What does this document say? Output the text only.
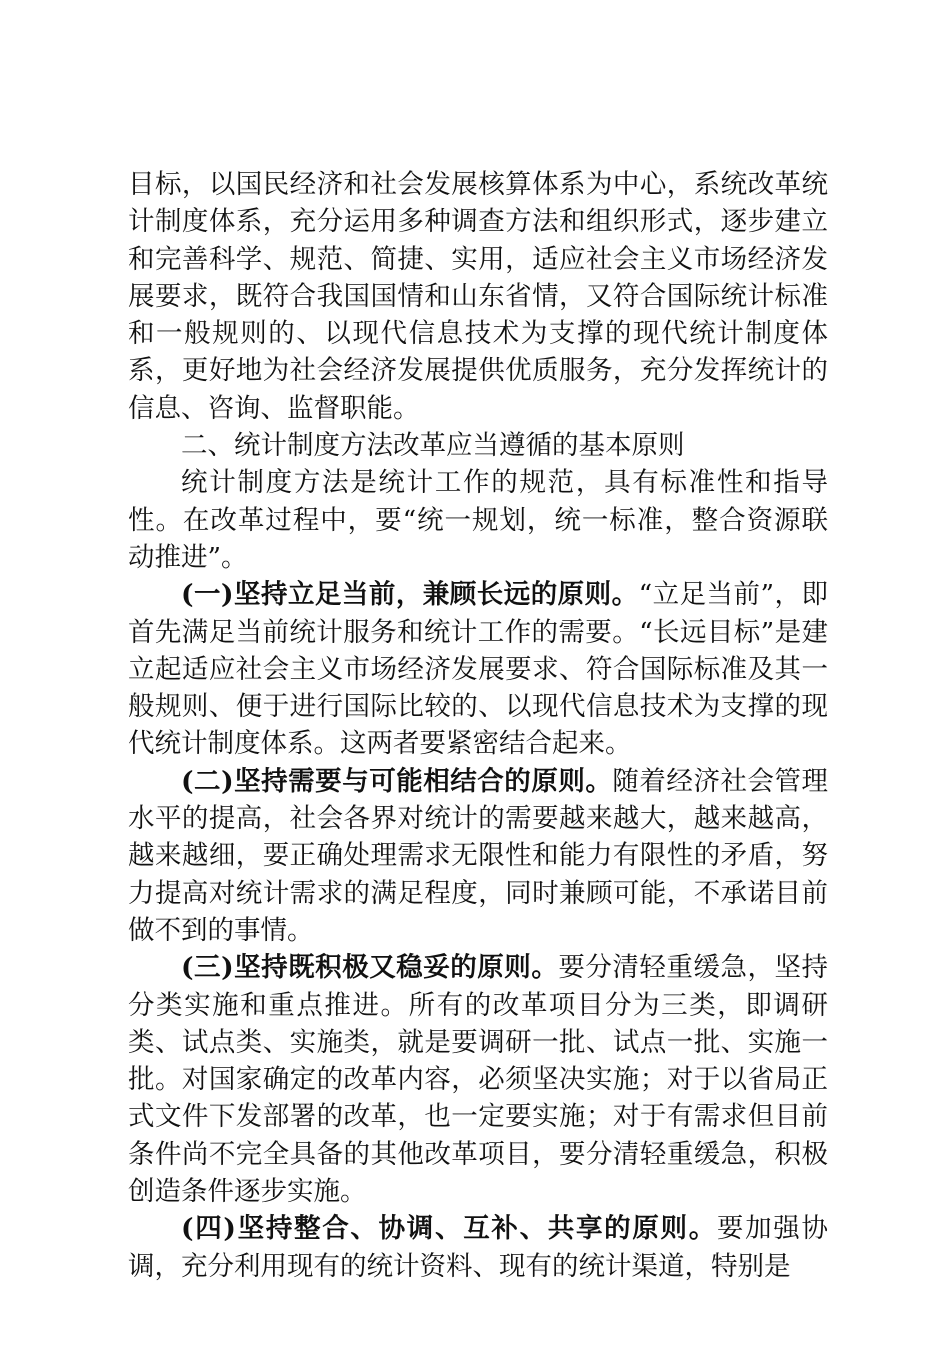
目标，以国民经济和社会发展核算体系为中心，系统改革统计制度体系，充分运用多种调查方法和组织形式，逐步建立和完善科学、规范、简捷、实用，适应社会主义市场经济发展要求，既符合我国国情和山东省情，又符合国际统计标准和一般规则的、以现代信息技术为支撑的现代统计制度体系，更好地为社会经济发展提供优质服务，充分发挥统计的信息、咨询、监督职能。

二、统计制度方法改革应当遵循的基本原则

统计制度方法是统计工作的规范，具有标准性和指导性。在改革过程中，要“统一规划，统一标准，整合资源联动推进”。

(一)坚持立足当前，兼顾长远的原则。“立足当前”，即首先满足当前统计服务和统计工作的需要。“长远目标”是建立起适应社会主义市场经济发展要求、符合国际标准及其一般规则、便于进行国际比较的、以现代信息技术为支撑的现代统计制度体系。这两者要紧密结合起来。

(二)坚持需要与可能相结合的原则。随着经济社会管理水平的提高，社会各界对统计的需要越来越大，越来越高，越来越细，要正确处理需求无限性和能力有限性的矛盾，努力提高对统计需求的满足程度，同时兼顾可能，不承诺目前做不到的事情。

(三)坚持既积极又稳妥的原则。要分清轻重缓急，坚持分类实施和重点推进。所有的改革项目分为三类，即调研类、试点类、实施类，就是要调研一批、试点一批、实施一批。对国家确定的改革内容，必须坚决实施；对于以省局正式文件下发部署的改革，也一定要实施；对于有需求但目前条件尚不完全具备的其他改革项目，要分清轻重缓急，积极创造条件逐步实施。

(四)坚持整合、协调、互补、共享的原则。要加强协调，充分利用现有的统计资料、现有的统计渠道，特别是
